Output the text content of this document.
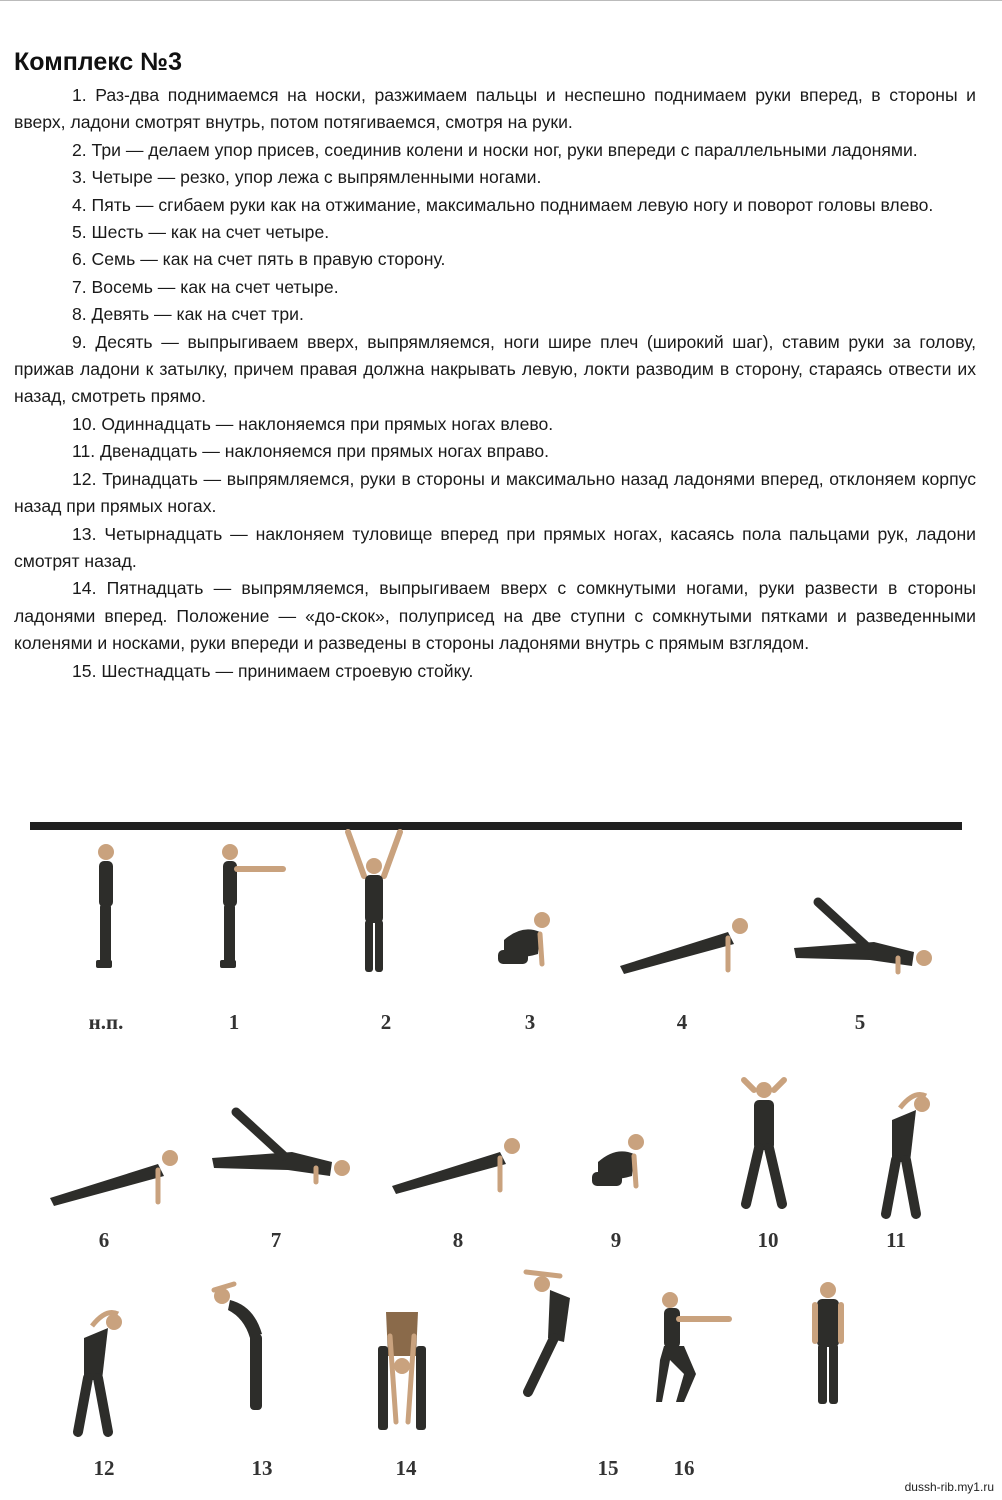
Комплекс №3

1. Раз-два поднимаемся на носки, разжимаем пальцы и неспешно поднимаем руки вперед, в стороны и вверх, ладони смотрят внутрь, потом потягиваемся, смотря на руки.

2. Три — делаем упор присев, соединив колени и носки ног, руки впереди с параллельными ладонями.

3. Четыре — резко, упор лежа с выпрямленными ногами.

4. Пять — сгибаем руки как на отжимание, максимально поднимаем левую ногу и поворот головы влево.

5. Шесть — как на счет четыре.

6. Семь — как на счет пять в правую сторону.

7. Восемь — как на счет четыре.

8. Девять — как на счет три.

9. Десять — выпрыгиваем вверх, выпрямляемся, ноги шире плеч (широкий шаг), ставим руки за голову, прижав ладони к затылку, причем правая должна накрывать левую, локти разводим в сторону, стараясь отвести их назад, смотреть прямо.

10. Одиннадцать — наклоняемся при прямых ногах влево.

11. Двенадцать — наклоняемся при прямых ногах вправо.

12. Тринадцать — выпрямляемся, руки в стороны и максимально назад ладонями вперед, отклоняем корпус назад при прямых ногах.

13. Четырнадцать — наклоняем туловище вперед при прямых ногах, касаясь пола пальцами рук, ладони смотрят назад.

14. Пятнадцать — выпрямляемся, выпрыгиваем вверх с сомкнутыми ногами, руки развести в стороны ладонями вперед. Положение — «до-скок», полуприсед на две ступни с сомкнутыми пятками и разведенными коленями и носками, руки впереди и разведены в стороны ладонями внутрь с прямым взглядом.

15. Шестнадцать — принимаем строевую стойку.

н.п.	1	2	3	4	5
6	7	8	9	10	11
12	13	14	15	16
dussh-rib.my1.ru
